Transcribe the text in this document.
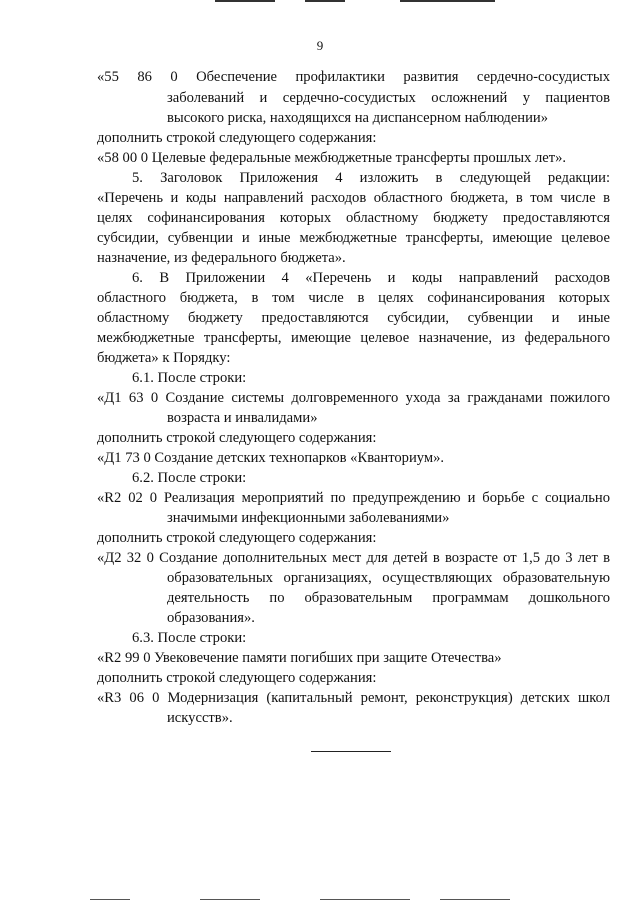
9
«55 86 0 Обеспечение профилактики развития сердечно-сосудистых
заболеваний и сердечно-сосудистых осложнений у пациентов
высокого риска, находящихся на диспансерном наблюдении»
дополнить строкой следующего содержания:
«58 00 0 Целевые федеральные межбюджетные трансферты прошлых лет».
5. Заголовок Приложения 4 изложить в следующей редакции:
«Перечень и коды направлений расходов областного бюджета, в том числе в
целях софинансирования которых областному бюджету предоставляются
субсидии, субвенции и иные межбюджетные трансферты, имеющие целевое
назначение, из федерального бюджета».
6. В Приложении 4 «Перечень и коды направлений расходов
областного бюджета, в том числе в целях софинансирования которых
областному бюджету предоставляются субсидии, субвенции и иные
межбюджетные трансферты, имеющие целевое назначение, из федерального
бюджета» к Порядку:
6.1. После строки:
«Д1 63 0 Создание системы долговременного ухода за гражданами пожилого
возраста и инвалидами»
дополнить строкой следующего содержания:
«Д1 73 0 Создание детских технопарков «Кванториум».
6.2. После строки:
«R2 02 0 Реализация мероприятий по предупреждению и борьбе с социально
значимыми инфекционными заболеваниями»
дополнить строкой следующего содержания:
«Д2 32 0 Создание дополнительных мест для детей в возрасте от 1,5 до 3 лет в
образовательных организациях, осуществляющих образовательную
деятельность по образовательным программам дошкольного
образования».
6.3. После строки:
«R2 99 0 Увековечение памяти погибших при защите Отечества»
дополнить строкой следующего содержания:
«R3 06 0 Модернизация (капитальный ремонт, реконструкция) детских школ
искусств».
